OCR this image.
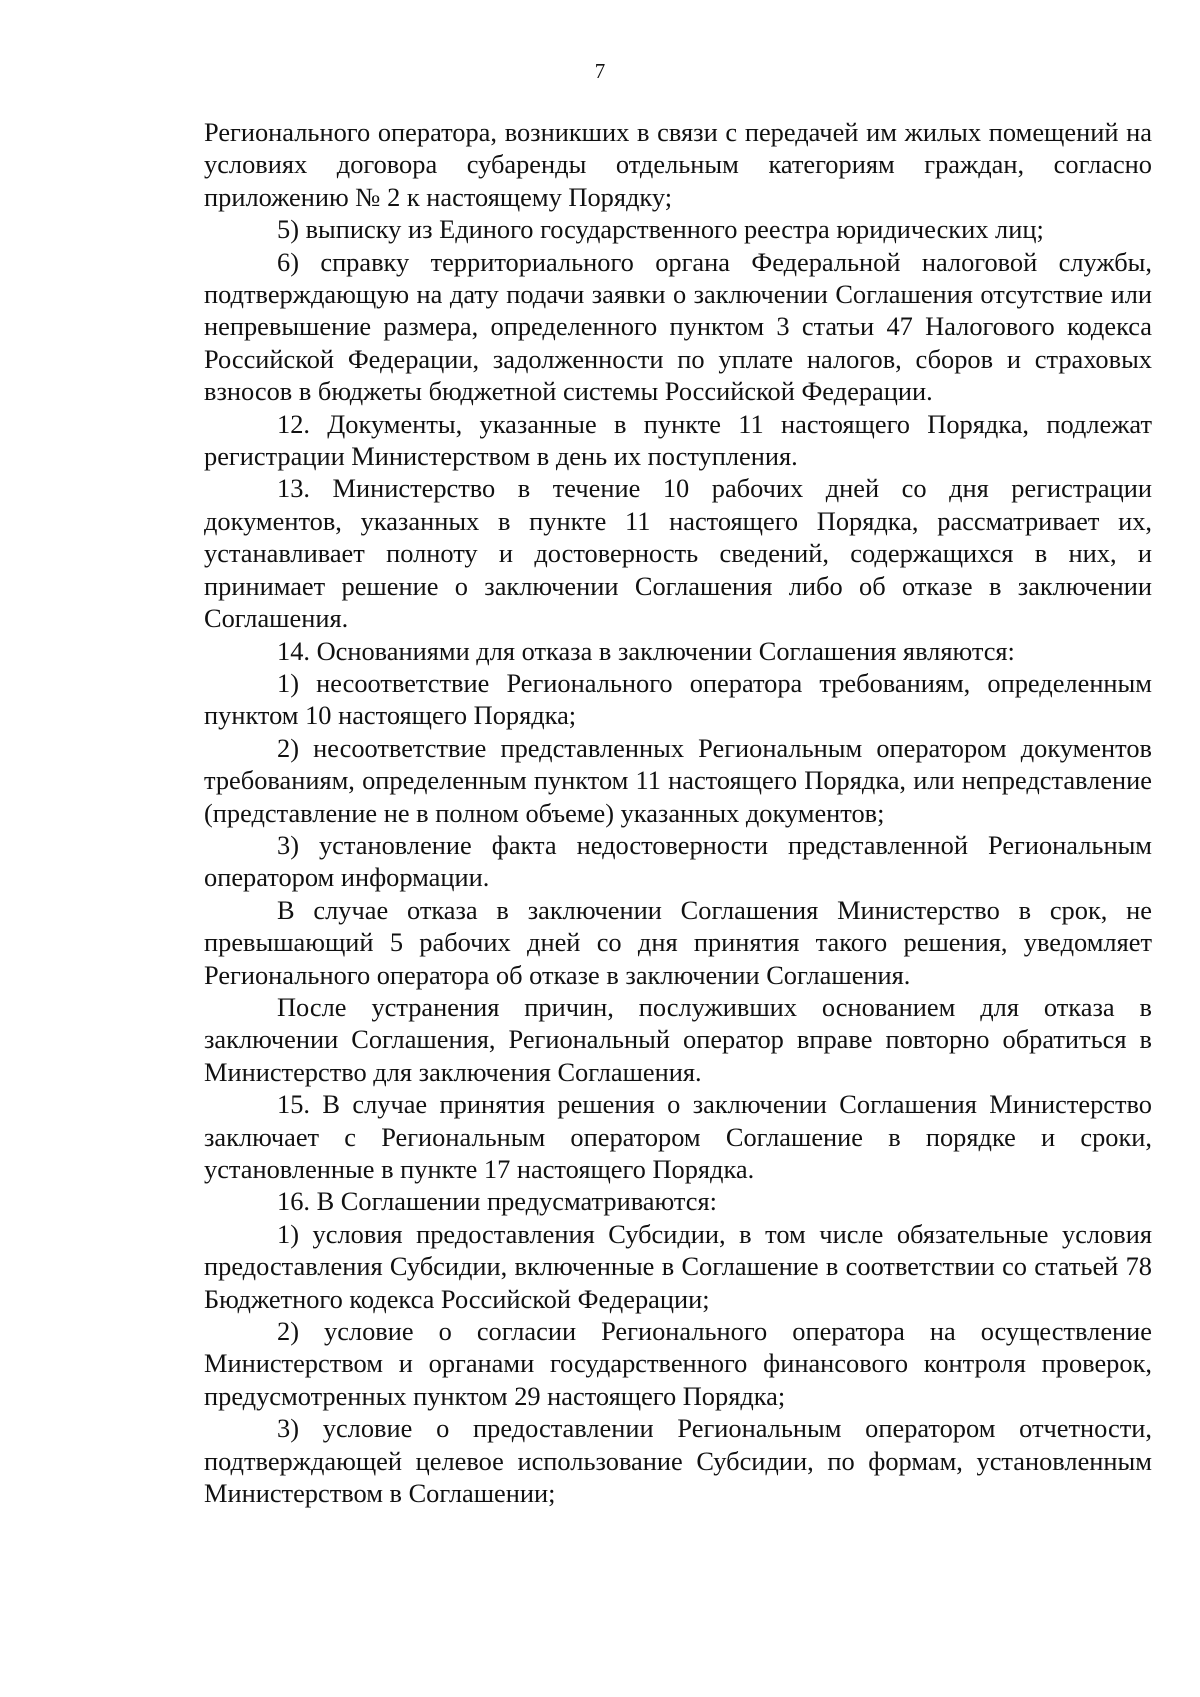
7

Регионального оператора, возникших в связи с передачей им жилых помещений на условиях договора субаренды отдельным категориям граждан, согласно приложению № 2 к настоящему Порядку;

5) выписку из Единого государственного реестра юридических лиц;

6) справку территориального органа Федеральной налоговой службы, подтверждающую на дату подачи заявки о заключении Соглашения отсутствие или непревышение размера, определенного пунктом 3 статьи 47 Налогового кодекса Российской Федерации, задолженности по уплате налогов, сборов и страховых взносов в бюджеты бюджетной системы Российской Федерации.

12. Документы, указанные в пункте 11 настоящего Порядка, подлежат регистрации Министерством в день их поступления.

13. Министерство в течение 10 рабочих дней со дня регистрации документов, указанных в пункте 11 настоящего Порядка, рассматривает их, устанавливает полноту и достоверность сведений, содержащихся в них, и принимает решение о заключении Соглашения либо об отказе в заключении Соглашения.

14. Основаниями для отказа в заключении Соглашения являются:

1) несоответствие Регионального оператора требованиям, определенным пунктом 10 настоящего Порядка;

2) несоответствие представленных Региональным оператором документов требованиям, определенным пунктом 11 настоящего Порядка, или непредставление (представление не в полном объеме) указанных документов;

3) установление факта недостоверности представленной Региональным оператором информации.

В случае отказа в заключении Соглашения Министерство в срок, не превышающий 5 рабочих дней со дня принятия такого решения, уведомляет Регионального оператора об отказе в заключении Соглашения.

После устранения причин, послуживших основанием для отказа в заключении Соглашения, Региональный оператор вправе повторно обратиться в Министерство для заключения Соглашения.

15. В случае принятия решения о заключении Соглашения Министерство заключает с Региональным оператором Соглашение в порядке и сроки, установленные в пункте 17 настоящего Порядка.

16. В Соглашении предусматриваются:

1) условия предоставления Субсидии, в том числе обязательные условия предоставления Субсидии, включенные в Соглашение в соответствии со статьей 78 Бюджетного кодекса Российской Федерации;

2) условие о согласии Регионального оператора на осуществление Министерством и органами государственного финансового контроля проверок, предусмотренных пунктом 29 настоящего Порядка;

3) условие о предоставлении Региональным оператором отчетности, подтверждающей целевое использование Субсидии, по формам, установленным Министерством в Соглашении;
